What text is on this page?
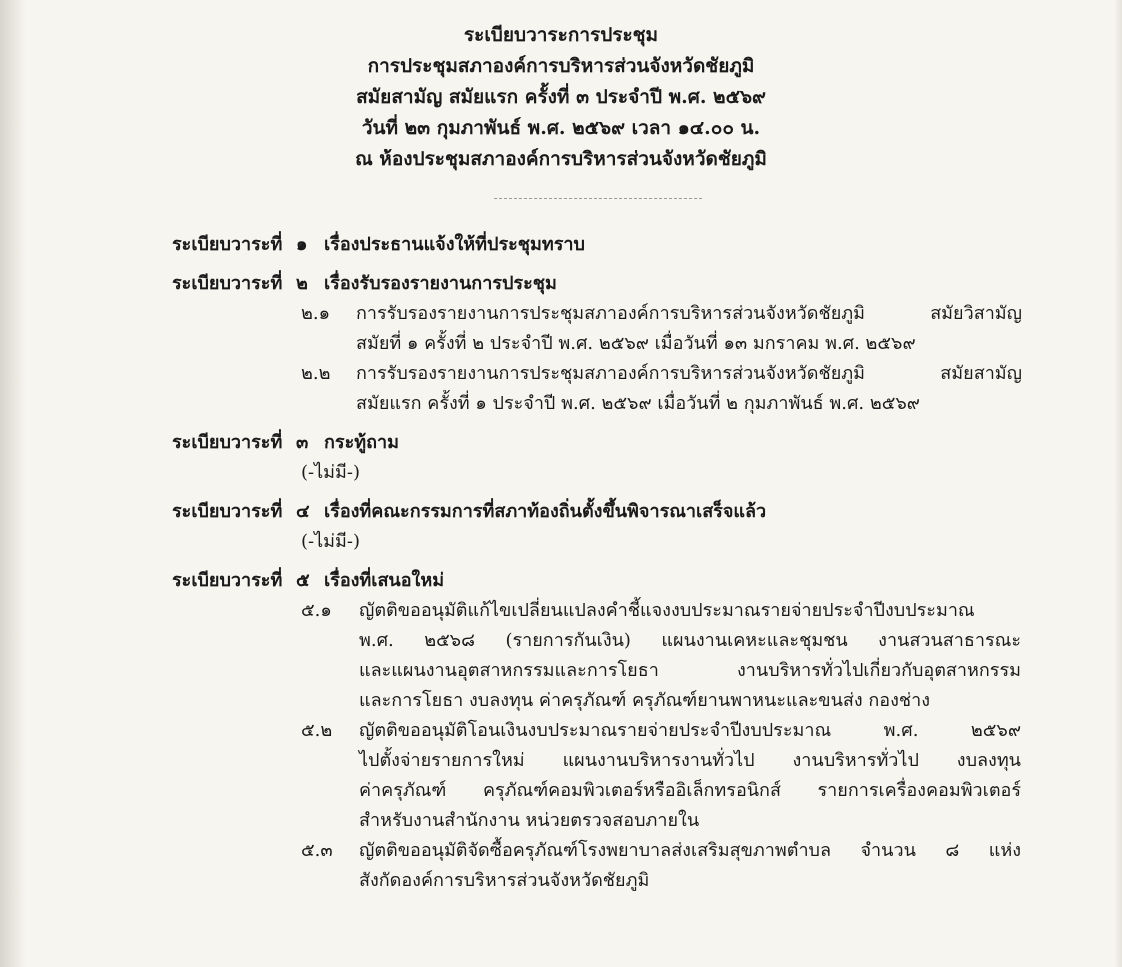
ระเบียบวาระการประชุม
การประชุมสภาองค์การบริหารส่วนจังหวัดชัยภูมิ
สมัยสามัญ สมัยแรก ครั้งที่ ๓ ประจำปี พ.ศ. ๒๕๖๙
วันที่ ๒๓ กุมภาพันธ์ พ.ศ. ๒๕๖๙ เวลา ๑๔.๐๐ น.
ณ ห้องประชุมสภาองค์การบริหารส่วนจังหวัดชัยภูมิ
ระเบียบวาระที่ ๑ เรื่องประธานแจ้งให้ที่ประชุมทราบ
ระเบียบวาระที่ ๒ เรื่องรับรองรายงานการประชุม
๒.๑	การรับรองรายงานการประชุมสภาองค์การบริหารส่วนจังหวัดชัยภูมิ สมัยวิสามัญ
สมัยที่ ๑ ครั้งที่ ๒ ประจำปี พ.ศ. ๒๕๖๙ เมื่อวันที่ ๑๓ มกราคม พ.ศ. ๒๕๖๙
๒.๒	การรับรองรายงานการประชุมสภาองค์การบริหารส่วนจังหวัดชัยภูมิ สมัยสามัญ
สมัยแรก ครั้งที่ ๑ ประจำปี พ.ศ. ๒๕๖๙ เมื่อวันที่ ๒ กุมภาพันธ์ พ.ศ. ๒๕๖๙
ระเบียบวาระที่ ๓ กระทู้ถาม
(-ไม่มี-)
ระเบียบวาระที่ ๔ เรื่องที่คณะกรรมการที่สภาท้องถิ่นตั้งขึ้นพิจารณาเสร็จแล้ว
(-ไม่มี-)
ระเบียบวาระที่ ๕ เรื่องที่เสนอใหม่
๕.๑	ญัตติขออนุมัติแก้ไขเปลี่ยนแปลงคำชี้แจงงบประมาณรายจ่ายประจำปีงบประมาณ
พ.ศ. ๒๕๖๘ (รายการกันเงิน) แผนงานเคหะและชุมชน งานสวนสาธารณะ
และแผนงานอุตสาหกรรมและการโยธา งานบริหารทั่วไปเกี่ยวกับอุตสาหกรรม
และการโยธา งบลงทุน ค่าครุภัณฑ์ ครุภัณฑ์ยานพาหนะและขนส่ง กองช่าง
๕.๒	ญัตติขออนุมัติโอนเงินงบประมาณรายจ่ายประจำปีงบประมาณ พ.ศ. ๒๕๖๙
ไปตั้งจ่ายรายการใหม่ แผนงานบริหารงานทั่วไป งานบริหารทั่วไป งบลงทุน
ค่าครุภัณฑ์ ครุภัณฑ์คอมพิวเตอร์หรืออิเล็กทรอนิกส์ รายการเครื่องคอมพิวเตอร์
สำหรับงานสำนักงาน หน่วยตรวจสอบภายใน
๕.๓	ญัตติขออนุมัติจัดซื้อครุภัณฑ์โรงพยาบาลส่งเสริมสุขภาพตำบล จำนวน ๘ แห่ง
สังกัดองค์การบริหารส่วนจังหวัดชัยภูมิ
